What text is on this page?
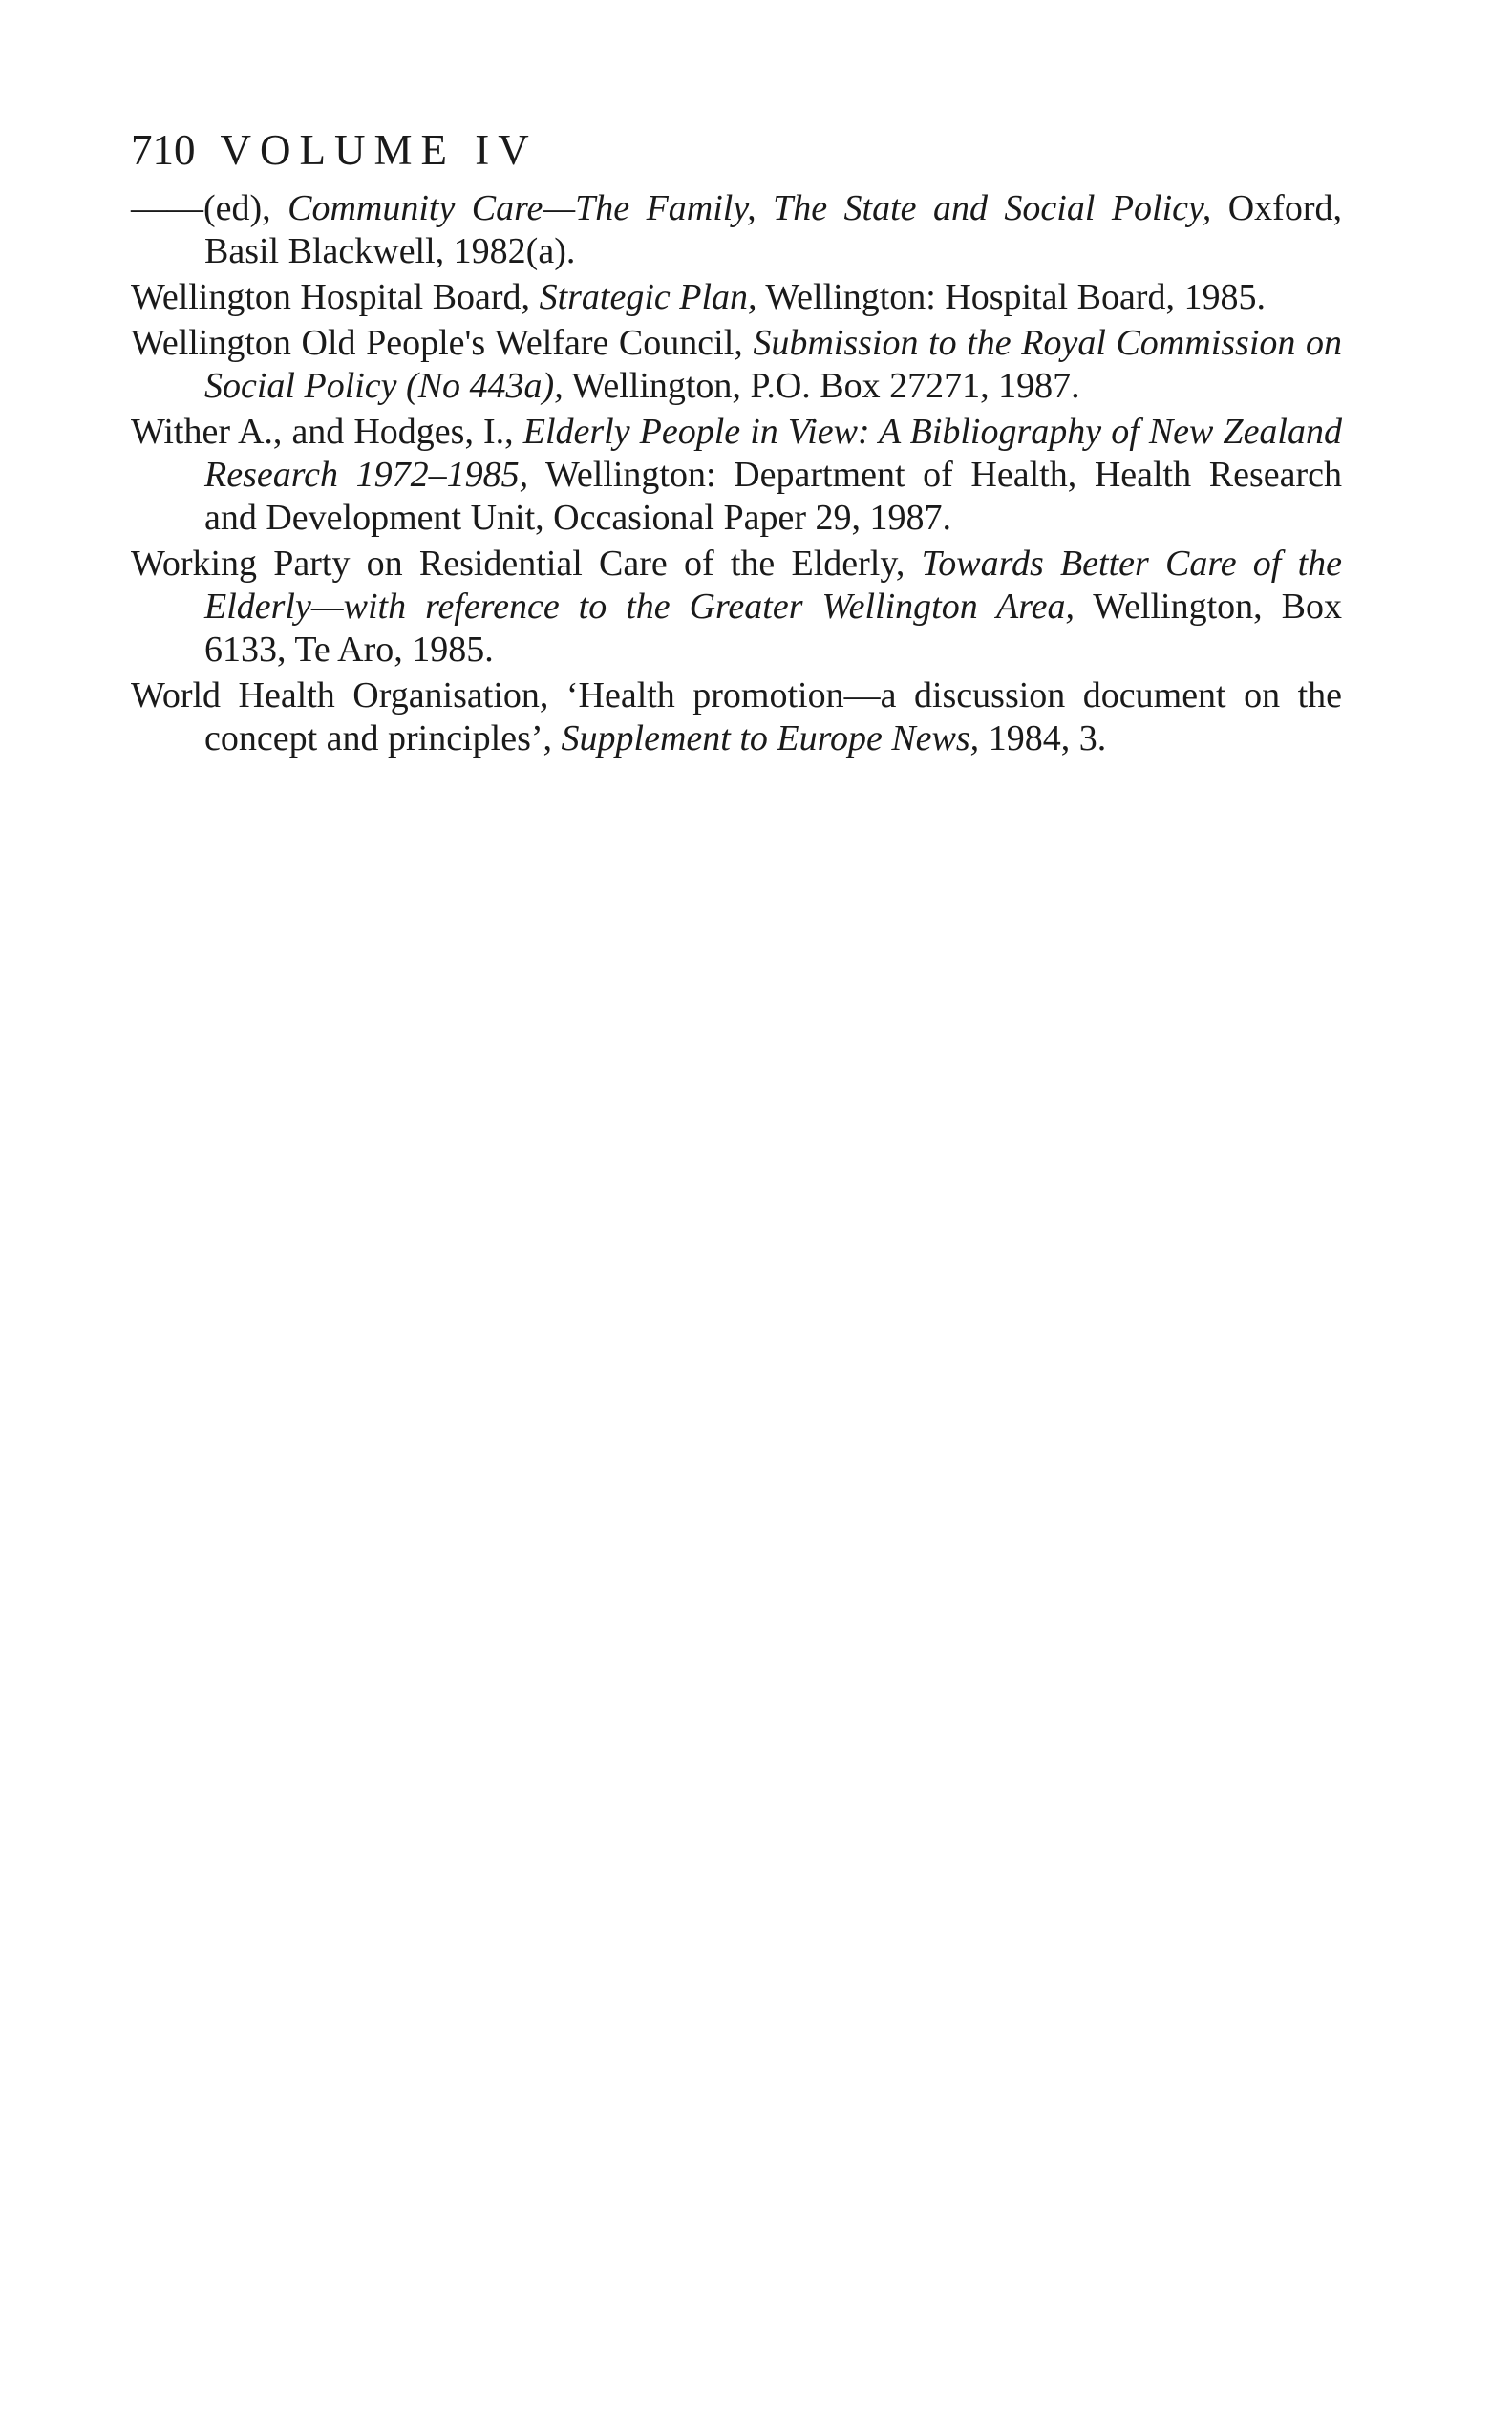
710 VOLUME IV
——(ed), Community Care—The Family, The State and Social Policy, Oxford, Basil Blackwell, 1982(a).
Wellington Hospital Board, Strategic Plan, Wellington: Hospital Board, 1985.
Wellington Old People's Welfare Council, Submission to the Royal Commission on Social Policy (No 443a), Wellington, P.O. Box 27271, 1987.
Wither A., and Hodges, I., Elderly People in View: A Bibliography of New Zealand Research 1972–1985, Wellington: Department of Health, Health Research and Development Unit, Occasional Paper 29, 1987.
Working Party on Residential Care of the Elderly, Towards Better Care of the Elderly—with reference to the Greater Wellington Area, Wellington, Box 6133, Te Aro, 1985.
World Health Organisation, ‘Health promotion—a discussion document on the concept and principles’, Supplement to Europe News, 1984, 3.
